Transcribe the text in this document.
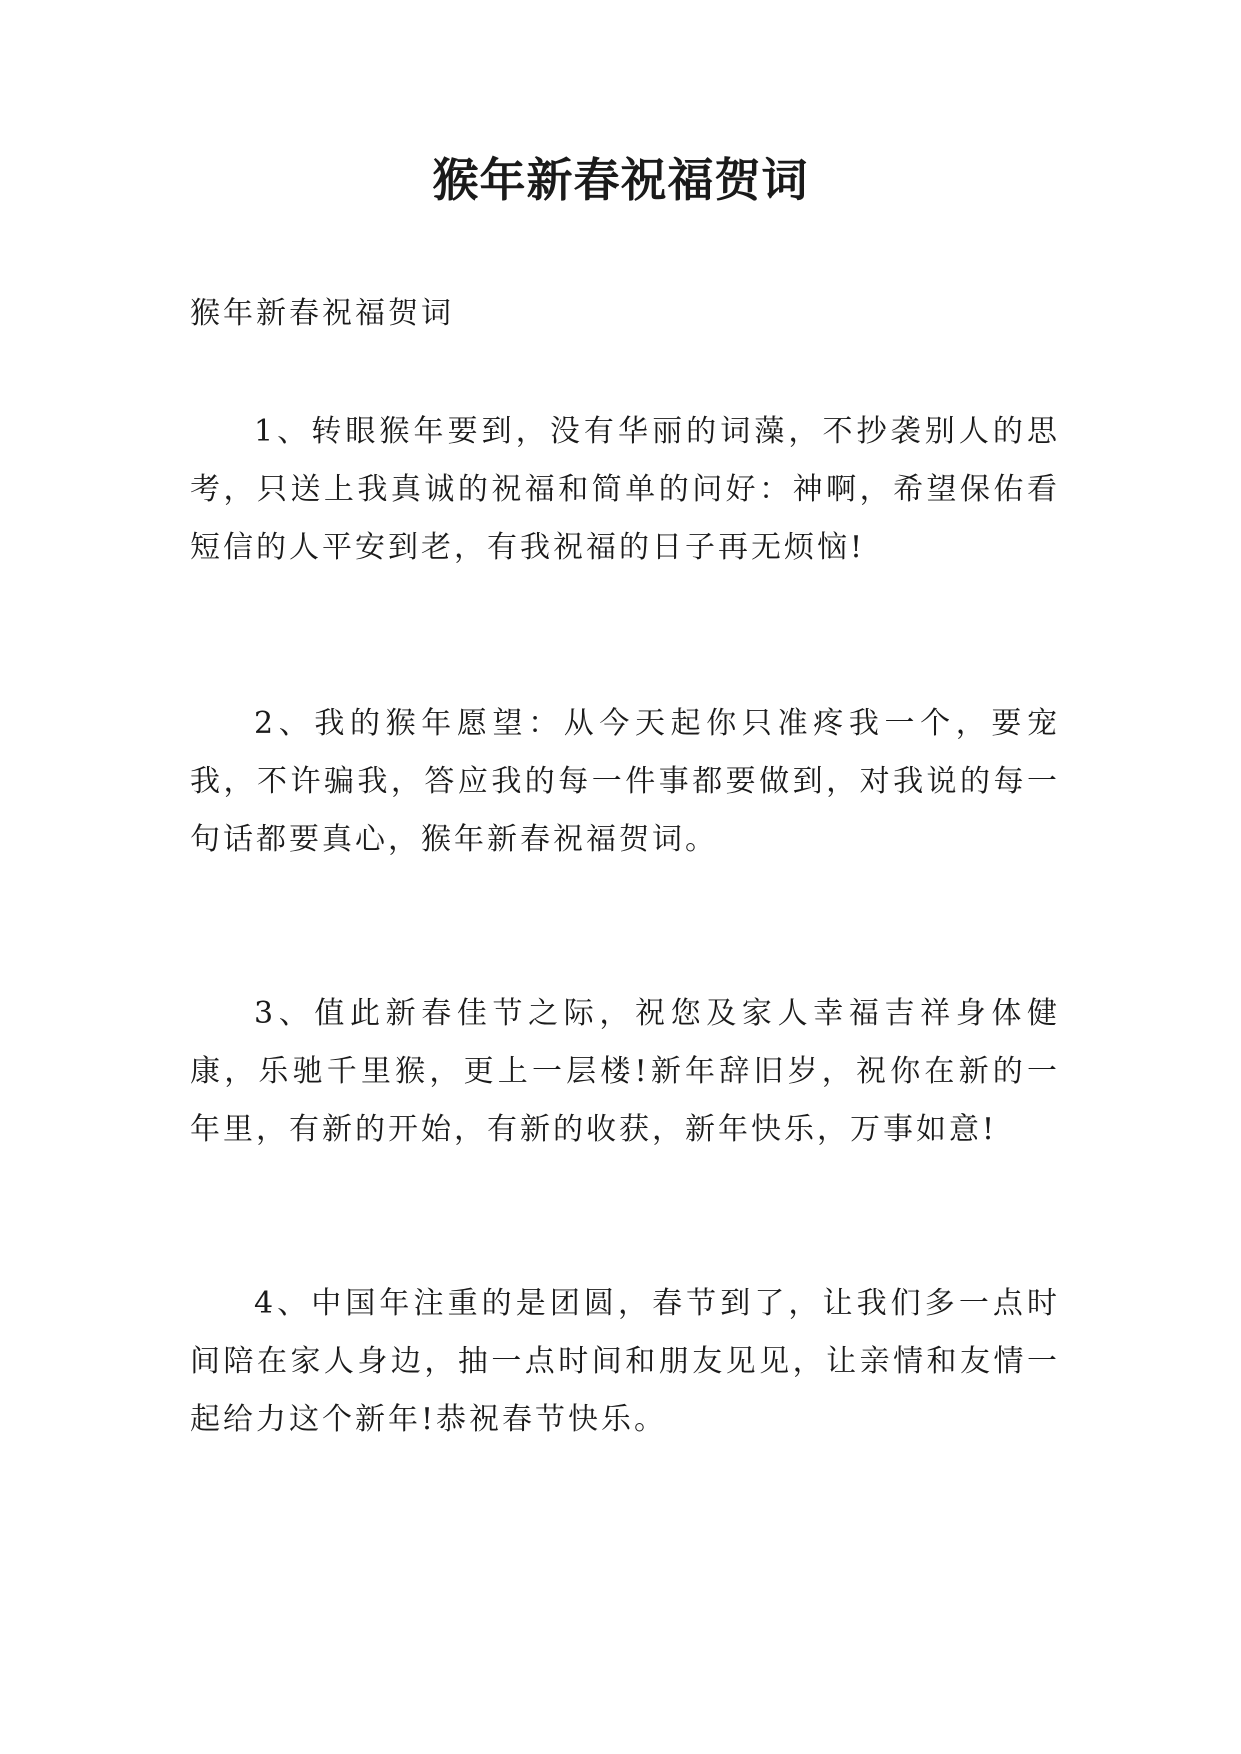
猴年新春祝福贺词
猴年新春祝福贺词
1、转眼猴年要到，没有华丽的词藻，不抄袭别人的思考，只送上我真诚的祝福和简单的问好：神啊，希望保佑看短信的人平安到老，有我祝福的日子再无烦恼!
2、我的猴年愿望：从今天起你只准疼我一个，要宠我，不许骗我，答应我的每一件事都要做到，对我说的每一句话都要真心，猴年新春祝福贺词。
3、值此新春佳节之际，祝您及家人幸福吉祥身体健康，乐驰千里猴，更上一层楼!新年辞旧岁，祝你在新的一年里，有新的开始，有新的收获，新年快乐，万事如意!
4、中国年注重的是团圆，春节到了，让我们多一点时间陪在家人身边，抽一点时间和朋友见见，让亲情和友情一起给力这个新年!恭祝春节快乐。
